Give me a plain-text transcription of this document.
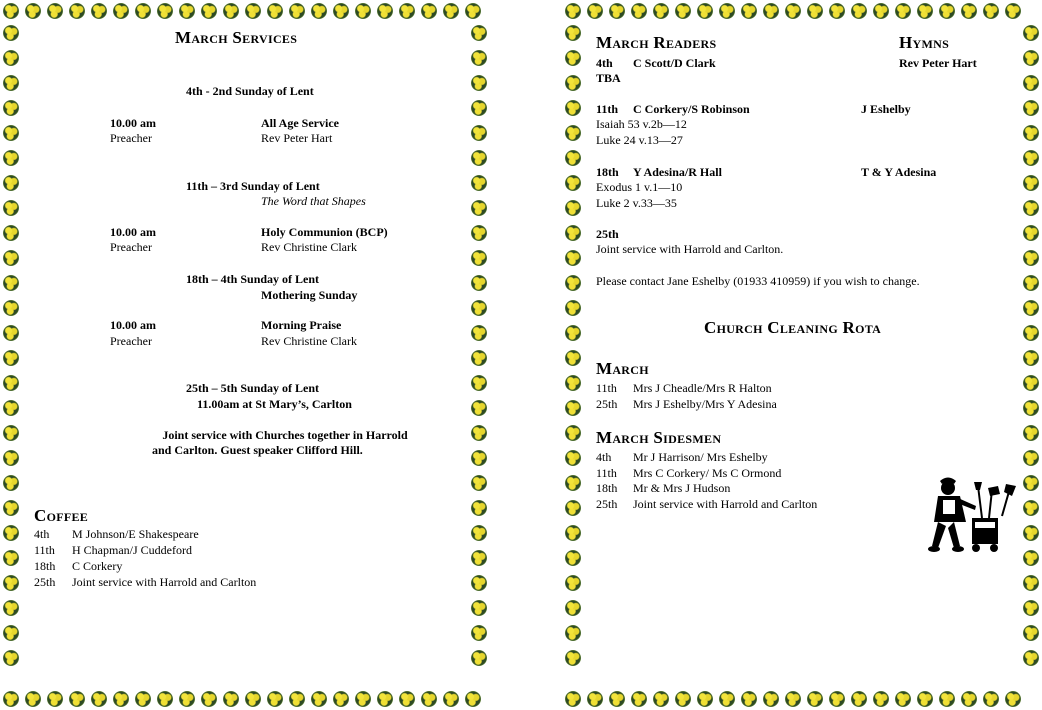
March Services
4th - 2nd Sunday of Lent
10.00 am	All Age Service
Preacher	Rev Peter Hart
11th – 3rd Sunday of Lent
The Word that Shapes
10.00 am	Holy Communion (BCP)
Preacher	Rev Christine Clark
18th – 4th Sunday of Lent
Mothering Sunday
10.00 am	Morning Praise
Preacher	Rev Christine Clark
25th – 5th Sunday of Lent
11.00am at St Mary’s, Carlton
Joint service with Churches together in Harrold
and Carlton. Guest speaker Clifford Hill.
Coffee
4th M Johnson/E Shakespeare
11th H Chapman/J Cuddeford
18th C Corkery
25th Joint service with Harrold and Carlton
March Readers	Hymns
4th C Scott/D Clark	Rev Peter Hart
TBA
11th C Corkery/S Robinson	J Eshelby
Isaiah 53 v.2b—12
Luke 24 v.13—27
18th Y Adesina/R Hall	T & Y Adesina
Exodus 1 v.1—10
Luke 2 v.33—35
25th
Joint service with Harrold and Carlton.
Please contact Jane Eshelby (01933 410959) if you wish to change.
Church Cleaning Rota
March
11th Mrs J Cheadle/Mrs R Halton
25th Mrs J Eshelby/Mrs Y Adesina
March Sidesmen
4th Mr J Harrison/ Mrs Eshelby
11th Mrs C Corkery/ Ms C Ormond
18th Mr & Mrs J Hudson
25th Joint service with Harrold and Carlton
